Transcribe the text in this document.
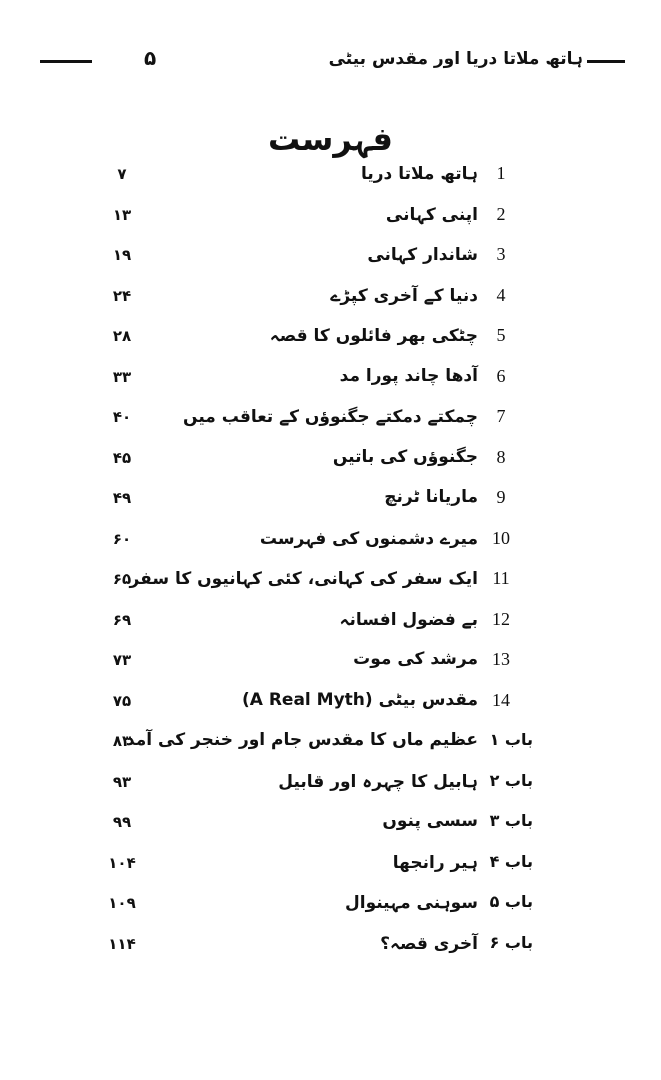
۵	ہاتھ ملاتا دریا اور مقدس بیٹی
فہرست
1
ہاتھ ملاتا دریا
۷
2
اپنی کہانی
۱۳
3
شاندار کہانی
۱۹
4
دنیا کے آخری کپڑے
۲۴
5
چٹکی بھر فائلوں کا قصہ
۲۸
6
آدھا چاند پورا مد
۳۳
7
چمکتے دمکتے جگنوؤں کے تعاقب میں
۴۰
8
جگنوؤں کی باتیں
۴۵
9
ماریانا ٹرنچ
۴۹
10
میرے دشمنوں کی فہرست
۶۰
11
ایک سفر کی کہانی، کئی کہانیوں کا سفر
۶۵
12
بے فضول افسانہ
۶۹
13
مرشد کی موت
۷۳
14
مقدس بیٹی (A Real Myth)
۷۵
باب ۱
عظیم ماں کا مقدس جام اور خنجر کی آمد
۸۳
باب ۲
ہابیل کا چہرہ اور قابیل
۹۳
باب ۳
سسی پنوں
۹۹
باب ۴
ہیر رانجھا
۱۰۴
باب ۵
سوہنی مہینوال
۱۰۹
باب ۶
آخری قصہ؟
۱۱۴
